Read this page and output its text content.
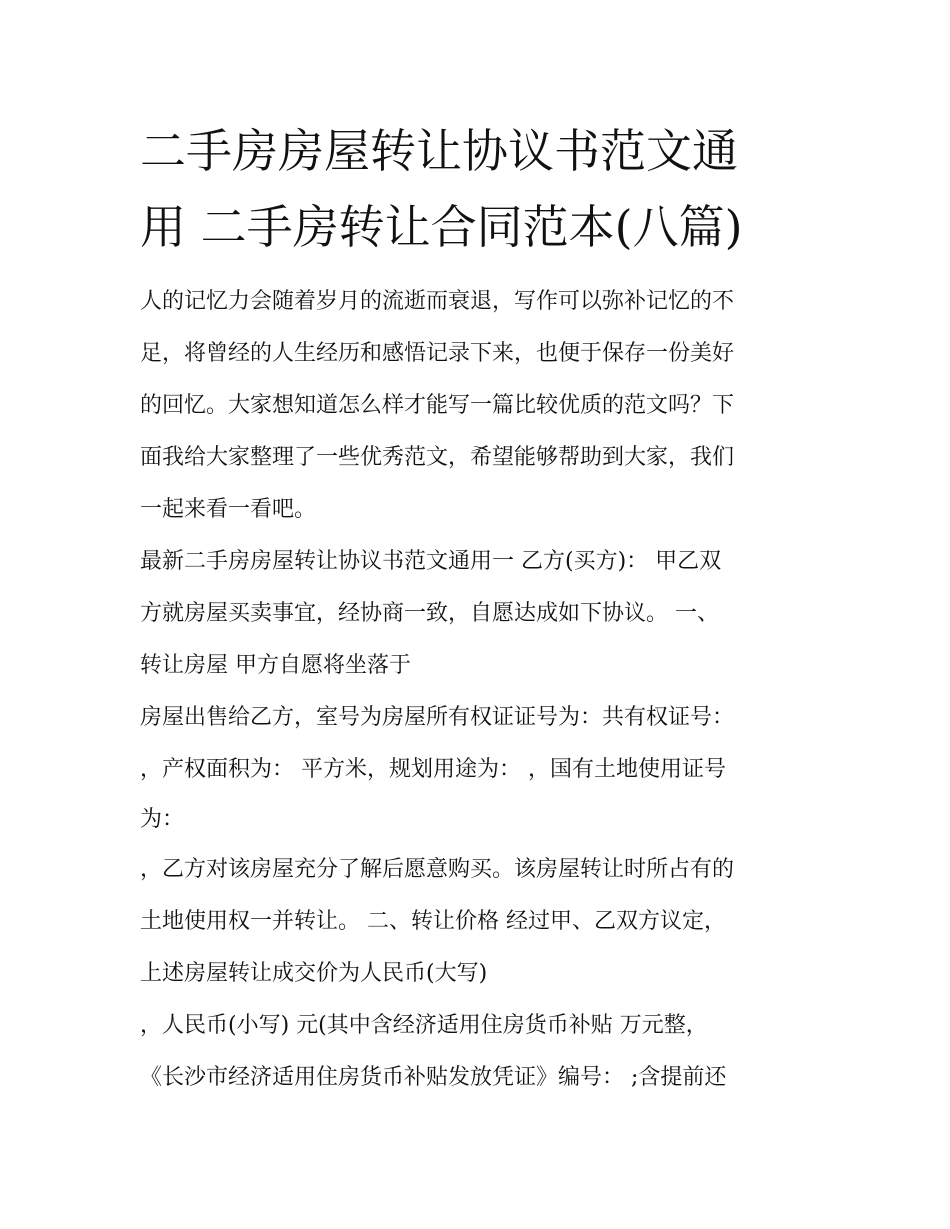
二手房房屋转让协议书范文通
用 二手房转让合同范本(八篇)
人的记忆力会随着岁月的流逝而衰退，写作可以弥补记忆的不
足，将曾经的人生经历和感悟记录下来，也便于保存一份美好
的回忆。大家想知道怎么样才能写一篇比较优质的范文吗？下
面我给大家整理了一些优秀范文，希望能够帮助到大家，我们
一起来看一看吧。
最新二手房房屋转让协议书范文通用一 乙方(买方)： 甲乙双
方就房屋买卖事宜，经协商一致，自愿达成如下协议。 一、
转让房屋 甲方自愿将坐落于
房屋出售给乙方，室号为房屋所有权证证号为：共有权证号：
，产权面积为： 平方米，规划用途为： ，国有土地使用证号
为：
，乙方对该房屋充分了解后愿意购买。该房屋转让时所占有的
土地使用权一并转让。 二、转让价格 经过甲、乙双方议定，
上述房屋转让成交价为人民币(大写)
，人民币(小写) 元(其中含经济适用住房货币补贴 万元整，
《长沙市经济适用住房货币补贴发放凭证》编号： ;含提前还
